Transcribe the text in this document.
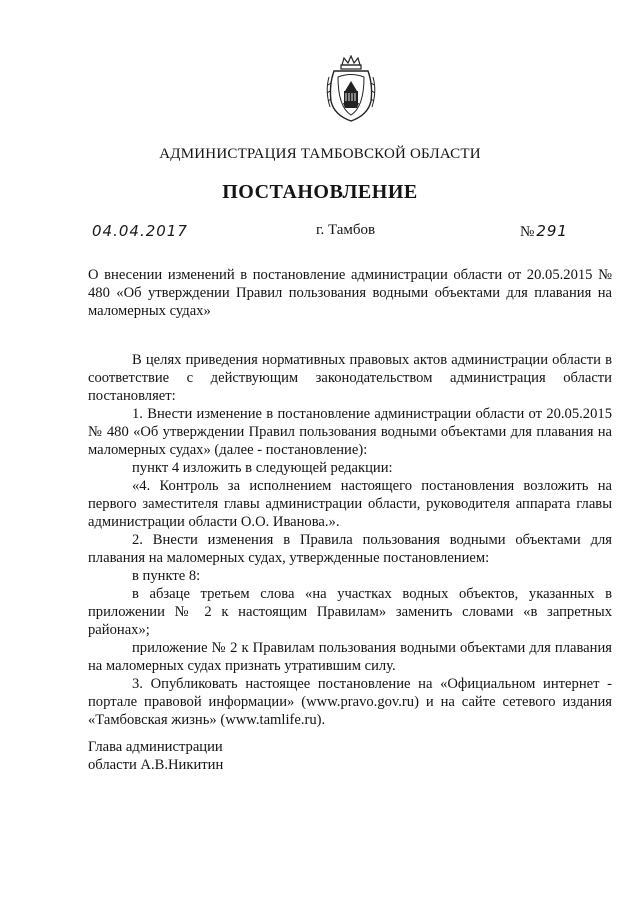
АДМИНИСТРАЦИЯ ТАМБОВСКОЙ ОБЛАСТИ
ПОСТАНОВЛЕНИЕ
04.04.2017	г. Тамбов	№ 291
О внесении изменений в постановление администрации области от 20.05.2015 № 480 «Об утверждении Правил пользования водными объектами для плавания на маломерных судах»

В целях приведения нормативных правовых актов администрации области в соответствие с действующим законодательством администрация области постановляет:

1. Внести изменение в постановление администрации области от 20.05.2015 № 480 «Об утверждении Правил пользования водными объектами для плавания на маломерных судах» (далее - постановление):

пункт 4 изложить в следующей редакции:

«4. Контроль за исполнением настоящего постановления возложить на первого заместителя главы администрации области, руководителя аппарата главы администрации области О.О. Иванова.».

2. Внести изменения в Правила пользования водными объектами для плавания на маломерных судах, утвержденные постановлением:

в пункте 8:

в абзаце третьем слова «на участках водных объектов, указанных в приложении № 2 к настоящим Правилам» заменить словами «в запретных районах»;

приложение № 2 к Правилам пользования водными объектами для плавания на маломерных судах признать утратившим силу.

3. Опубликовать настоящее постановление на «Официальном интернет - портале правовой информации» (www.pravo.gov.ru) и на сайте сетевого издания «Тамбовская жизнь» (www.tamlife.ru).

Глава администрации
области А.В.Никитин
